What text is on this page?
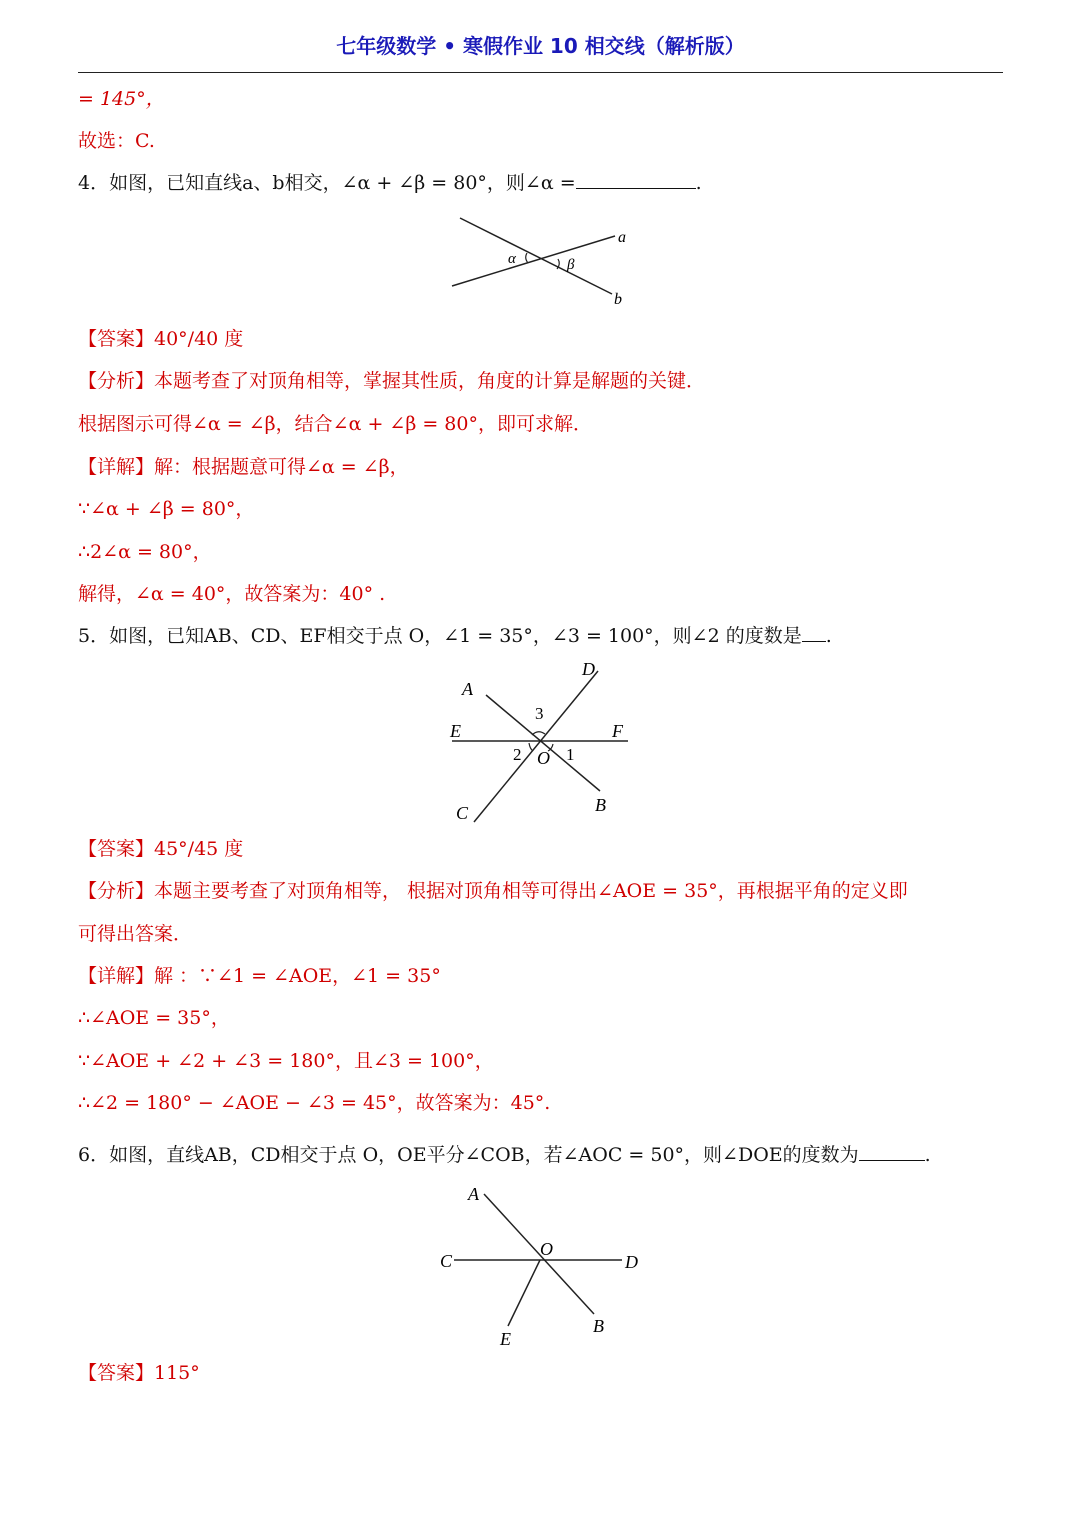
七年级数学 • 寒假作业 10 相交线（解析版）
= 145°，
故选：C.
4．如图，已知直线a、b相交，∠α + ∠β = 80°，则∠α =	.
α	β
a
b
【答案】40°/40 度
【分析】本题考查了对顶角相等，掌握其性质，角度的计算是解题的关键．
根据图示可得∠α = ∠β，结合∠α + ∠β = 80°，即可求解．
【详解】解：根据题意可得∠α = ∠β，
∵∠α + ∠β = 80°，
∴2∠α = 80°，
解得，∠α = 40°，故答案为：40° .
5．如图，已知AB、CD、EF相交于点 O，∠1 = 35°，∠3 = 100°，则∠2 的度数是 .
A
D
E	F
3
2 O 1
B
C
【答案】45°/45 度
【分析】本题主要考查了对顶角相等， 根据对顶角相等可得出∠AOE = 35°，再根据平角的定义即
可得出答案．
【详解】解 ：∵∠1 = ∠AOE，∠1 = 35°
∴∠AOE = 35°，
∵∠AOE + ∠2 + ∠3 = 180°，且∠3 = 100°，
∴∠2 = 180° − ∠AOE − ∠3 = 45°，故答案为：45°.
6．如图，直线AB，CD相交于点 O，OE平分∠COB，若∠AOC = 50°，则∠DOE的度数为	.
A
C
O
D
B
E
【答案】115°
